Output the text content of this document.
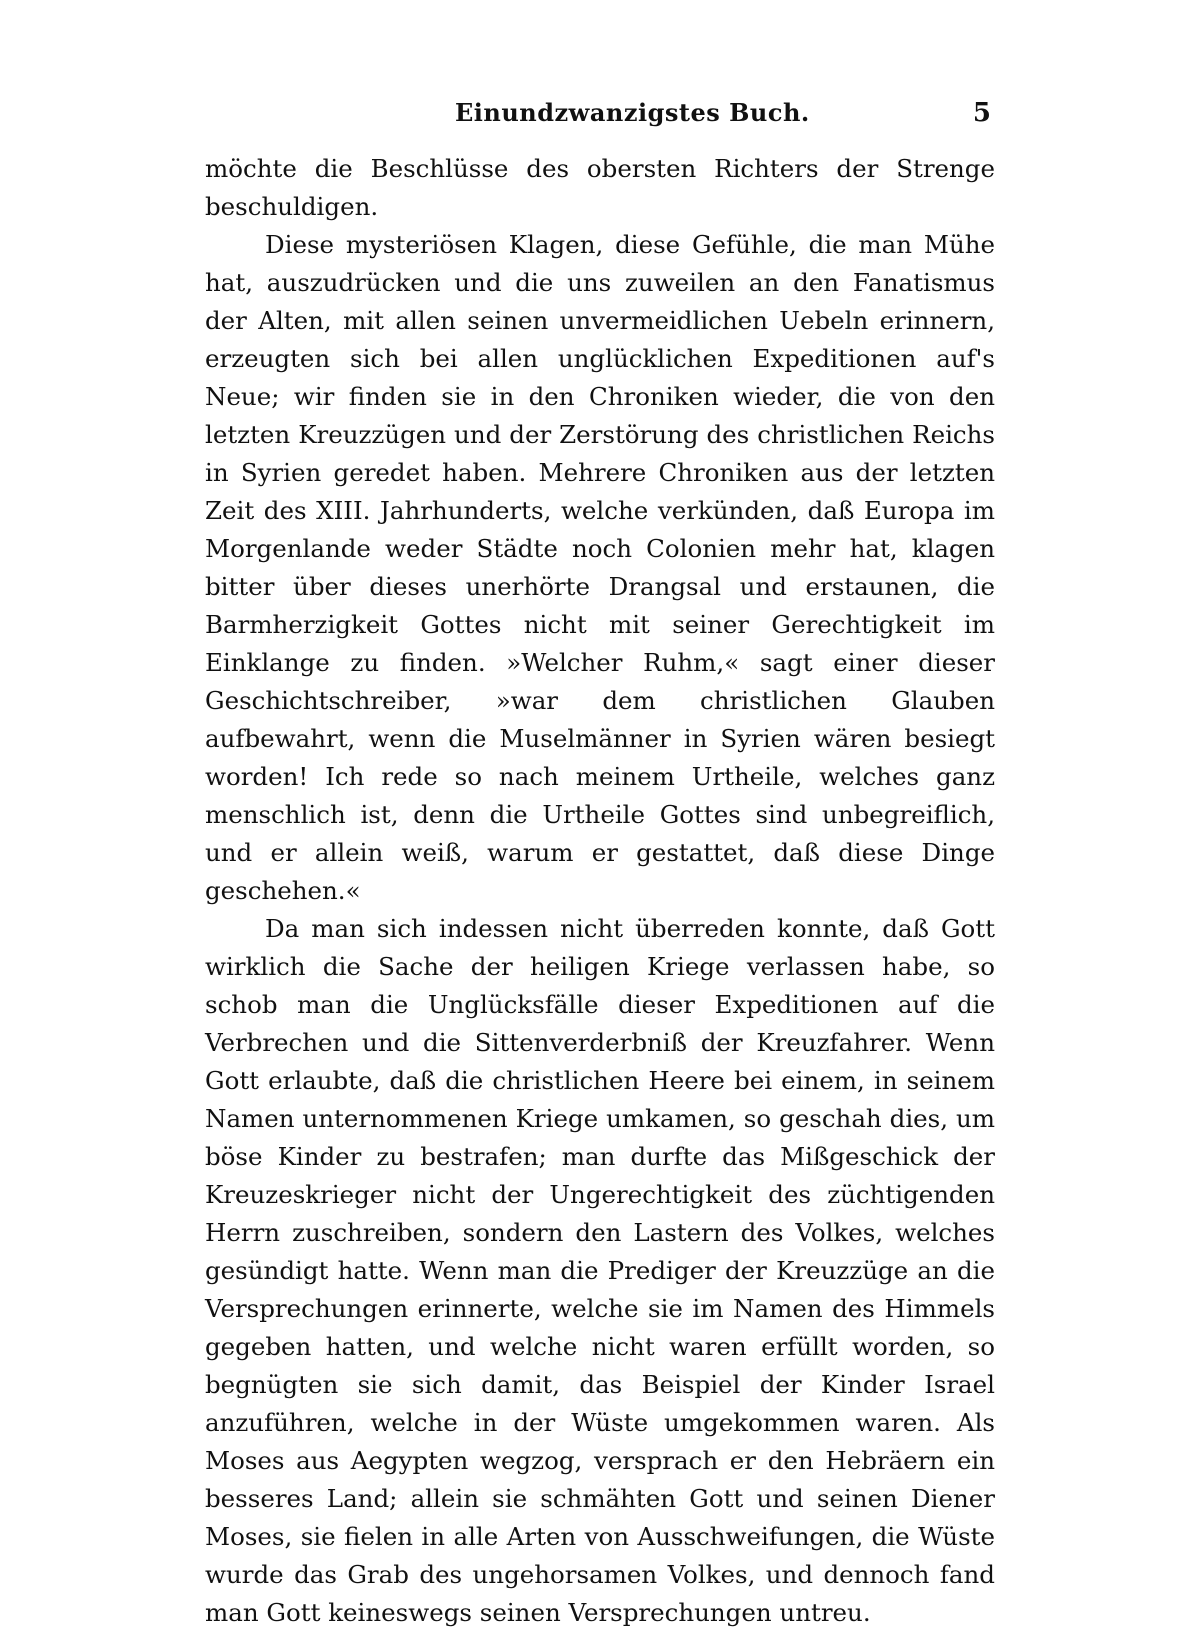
Einundzwanzigstes Buch.	5

möchte die Beschlüsse des obersten Richters der Strenge beschuldigen.

Diese mysteriösen Klagen, diese Gefühle, die man Mühe hat, auszudrücken und die uns zuweilen an den Fanatismus der Alten, mit allen seinen unvermeidlichen Uebeln erinnern, erzeugten sich bei allen unglücklichen Expeditionen auf's Neue; wir finden sie in den Chroniken wieder, die von den letzten Kreuzzügen und der Zerstörung des christlichen Reichs in Syrien geredet haben. Mehrere Chroniken aus der letzten Zeit des XIII. Jahrhunderts, welche verkünden, daß Europa im Morgenlande weder Städte noch Colonien mehr hat, klagen bitter über dieses unerhörte Drangsal und erstaunen, die Barmherzigkeit Gottes nicht mit seiner Gerechtigkeit im Einklange zu finden. »Welcher Ruhm,« sagt einer dieser Geschichtschreiber, »war dem christlichen Glauben aufbewahrt, wenn die Muselmänner in Syrien wären besiegt worden! Ich rede so nach meinem Urtheile, welches ganz menschlich ist, denn die Urtheile Gottes sind unbegreiflich, und er allein weiß, warum er gestattet, daß diese Dinge geschehen.«

Da man sich indessen nicht überreden konnte, daß Gott wirklich die Sache der heiligen Kriege verlassen habe, so schob man die Unglücksfälle dieser Expeditionen auf die Verbrechen und die Sittenverderbniß der Kreuzfahrer. Wenn Gott erlaubte, daß die christlichen Heere bei einem, in seinem Namen unternommenen Kriege umkamen, so geschah dies, um böse Kinder zu bestrafen; man durfte das Mißgeschick der Kreuzeskrieger nicht der Ungerechtigkeit des züchtigenden Herrn zuschreiben, sondern den Lastern des Volkes, welches gesündigt hatte. Wenn man die Prediger der Kreuzzüge an die Versprechungen erinnerte, welche sie im Namen des Himmels gegeben hatten, und welche nicht waren erfüllt worden, so begnügten sie sich damit, das Beispiel der Kinder Israel anzuführen, welche in der Wüste umgekommen waren. Als Moses aus Aegypten wegzog, versprach er den Hebräern ein besseres Land; allein sie schmähten Gott und seinen Diener Moses, sie fielen in alle Arten von Ausschweifungen, die Wüste wurde das Grab des ungehorsamen Volkes, und dennoch fand man Gott keineswegs seinen Versprechungen untreu.
